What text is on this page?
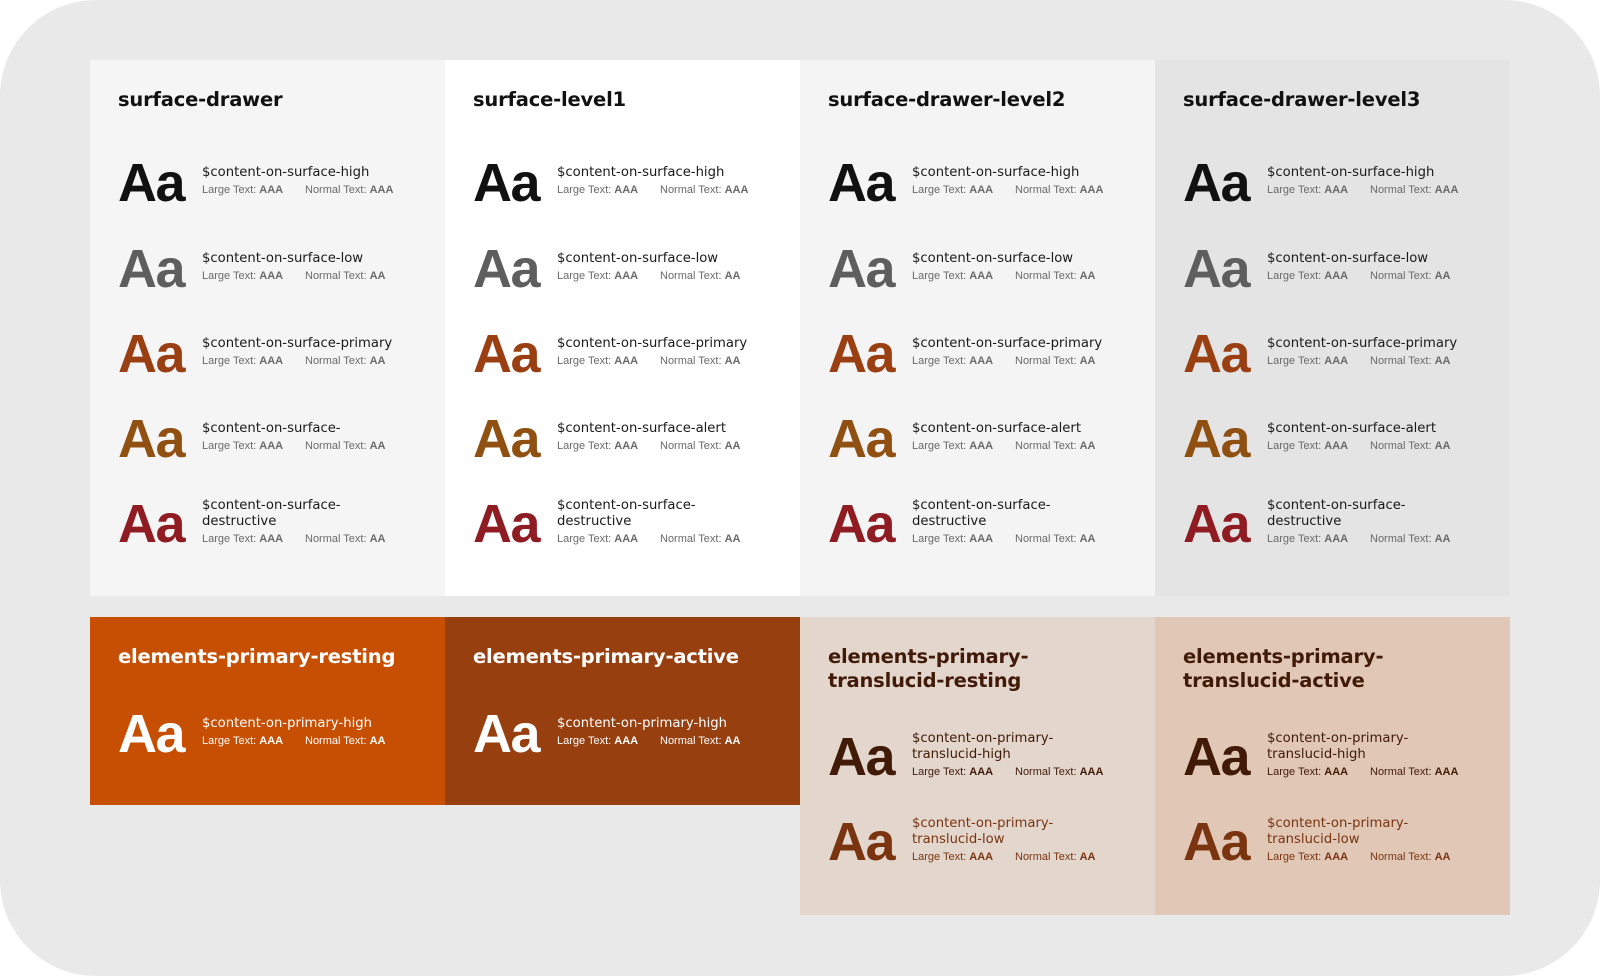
surface-drawer
Aa	$content-on-surface-high
Large Text: AAA	Normal Text: AAA
Aa	$content-on-surface-low
Large Text: AAA	Normal Text: AA
Aa	$content-on-surface-primary
Large Text: AAA	Normal Text: AA
Aa	$content-on-surface-
Large Text: AAA	Normal Text: AA
Aa	$content-on-surface-destructive
Large Text: AAA	Normal Text: AA
surface-level1
Aa	$content-on-surface-high
Large Text: AAA	Normal Text: AAA
Aa	$content-on-surface-low
Large Text: AAA	Normal Text: AA
Aa	$content-on-surface-primary
Large Text: AAA	Normal Text: AA
Aa	$content-on-surface-alert
Large Text: AAA	Normal Text: AA
Aa	$content-on-surface-destructive
Large Text: AAA	Normal Text: AA
surface-drawer-level2
Aa	$content-on-surface-high
Large Text: AAA	Normal Text: AAA
Aa	$content-on-surface-low
Large Text: AAA	Normal Text: AA
Aa	$content-on-surface-primary
Large Text: AAA	Normal Text: AA
Aa	$content-on-surface-alert
Large Text: AAA	Normal Text: AA
Aa	$content-on-surface-destructive
Large Text: AAA	Normal Text: AA
surface-drawer-level3
Aa	$content-on-surface-high
Large Text: AAA	Normal Text: AAA
Aa	$content-on-surface-low
Large Text: AAA	Normal Text: AA
Aa	$content-on-surface-primary
Large Text: AAA	Normal Text: AA
Aa	$content-on-surface-alert
Large Text: AAA	Normal Text: AA
Aa	$content-on-surface-destructive
Large Text: AAA	Normal Text: AA
elements-primary-resting
Aa	$content-on-primary-high
Large Text: AAA	Normal Text: AA
elements-primary-active
Aa	$content-on-primary-high
Large Text: AAA	Normal Text: AA
elements-primary-translucid-resting
Aa	$content-on-primary-translucid-high
Large Text: AAA	Normal Text: AAA
Aa	$content-on-primary-translucid-low
Large Text: AAA	Normal Text: AA
elements-primary-translucid-active
Aa	$content-on-primary-translucid-high
Large Text: AAA	Normal Text: AAA
Aa	$content-on-primary-translucid-low
Large Text: AAA	Normal Text: AA
